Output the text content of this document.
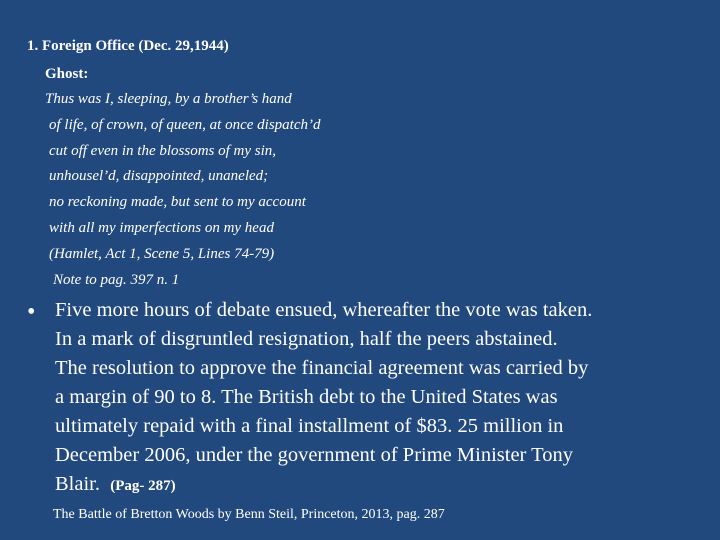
1. Foreign Office (Dec. 29,1944)
Ghost:
Thus was I, sleeping, by a brother’s hand
of life, of crown, of queen, at once dispatch’d
cut off even in the blossoms of my sin,
unhousel’d, disappointed, unaneled;
no reckoning made, but sent to my account
with all my imperfections on my head
(Hamlet, Act 1, Scene 5, Lines 74-79)
Note to pag. 397 n. 1
• Five more hours of debate ensued, whereafter the vote was taken.
In a mark of disgruntled resignation, half the peers abstained.
The resolution to approve the financial agreement was carried by
a margin of 90 to 8. The British debt to the United States was
ultimately repaid with a final installment of $83. 25 million in
December 2006, under the government of Prime Minister Tony
Blair. (Pag- 287)
The Battle of Bretton Woods by Benn Steil, Princeton, 2013, pag. 287
